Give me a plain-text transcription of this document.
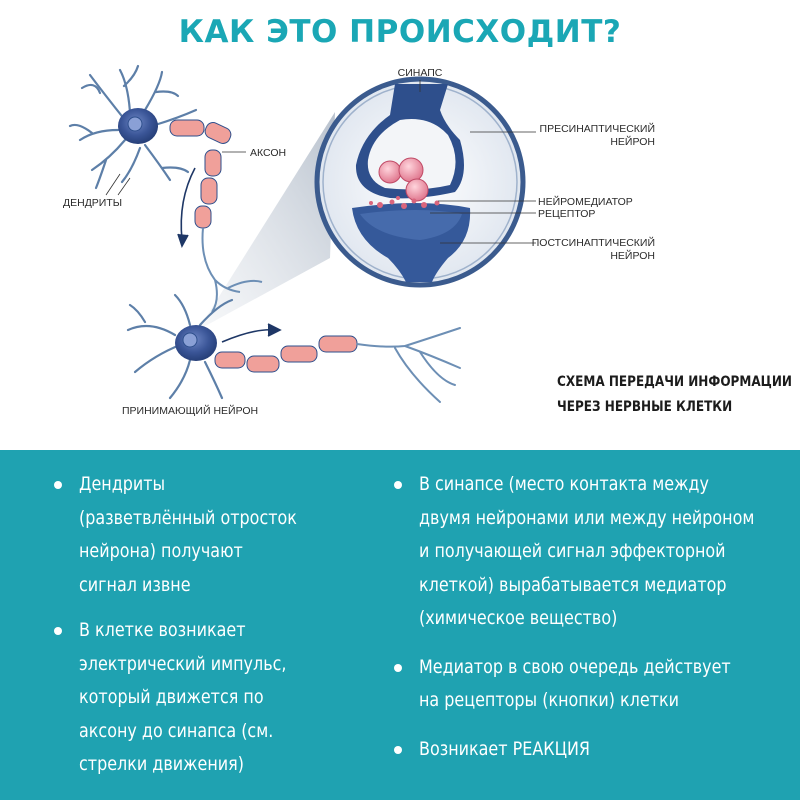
КАК ЭТО ПРОИСХОДИТ?
СИНАПС
АКСОН
ДЕНДРИТЫ
ПРЕСИНАПТИЧЕСКИЙ
НЕЙРОН
НЕЙРОМЕДИАТОР
РЕЦЕПТОР
ПОСТСИНАПТИЧЕСКИЙ
НЕЙРОН
ПРИНИМАЮЩИЙ НЕЙРОН
СХЕМА ПЕРЕДАЧИ ИНФОРМАЦИИ
ЧЕРЕЗ НЕРВНЫЕ КЛЕТКИ
Дендриты
(разветвлённый отросток
нейрона) получают
сигнал извне
В клетке возникает
электрический импульс,
который движется по
аксону до синапса (см.
стрелки движения)
В синапсе (место контакта между
двумя нейронами или между нейроном
и получающей сигнал эффекторной
клеткой) вырабатывается медиатор
(химическое вещество)
Медиатор в свою очередь действует
на рецепторы (кнопки) клетки
Возникает РЕАКЦИЯ
